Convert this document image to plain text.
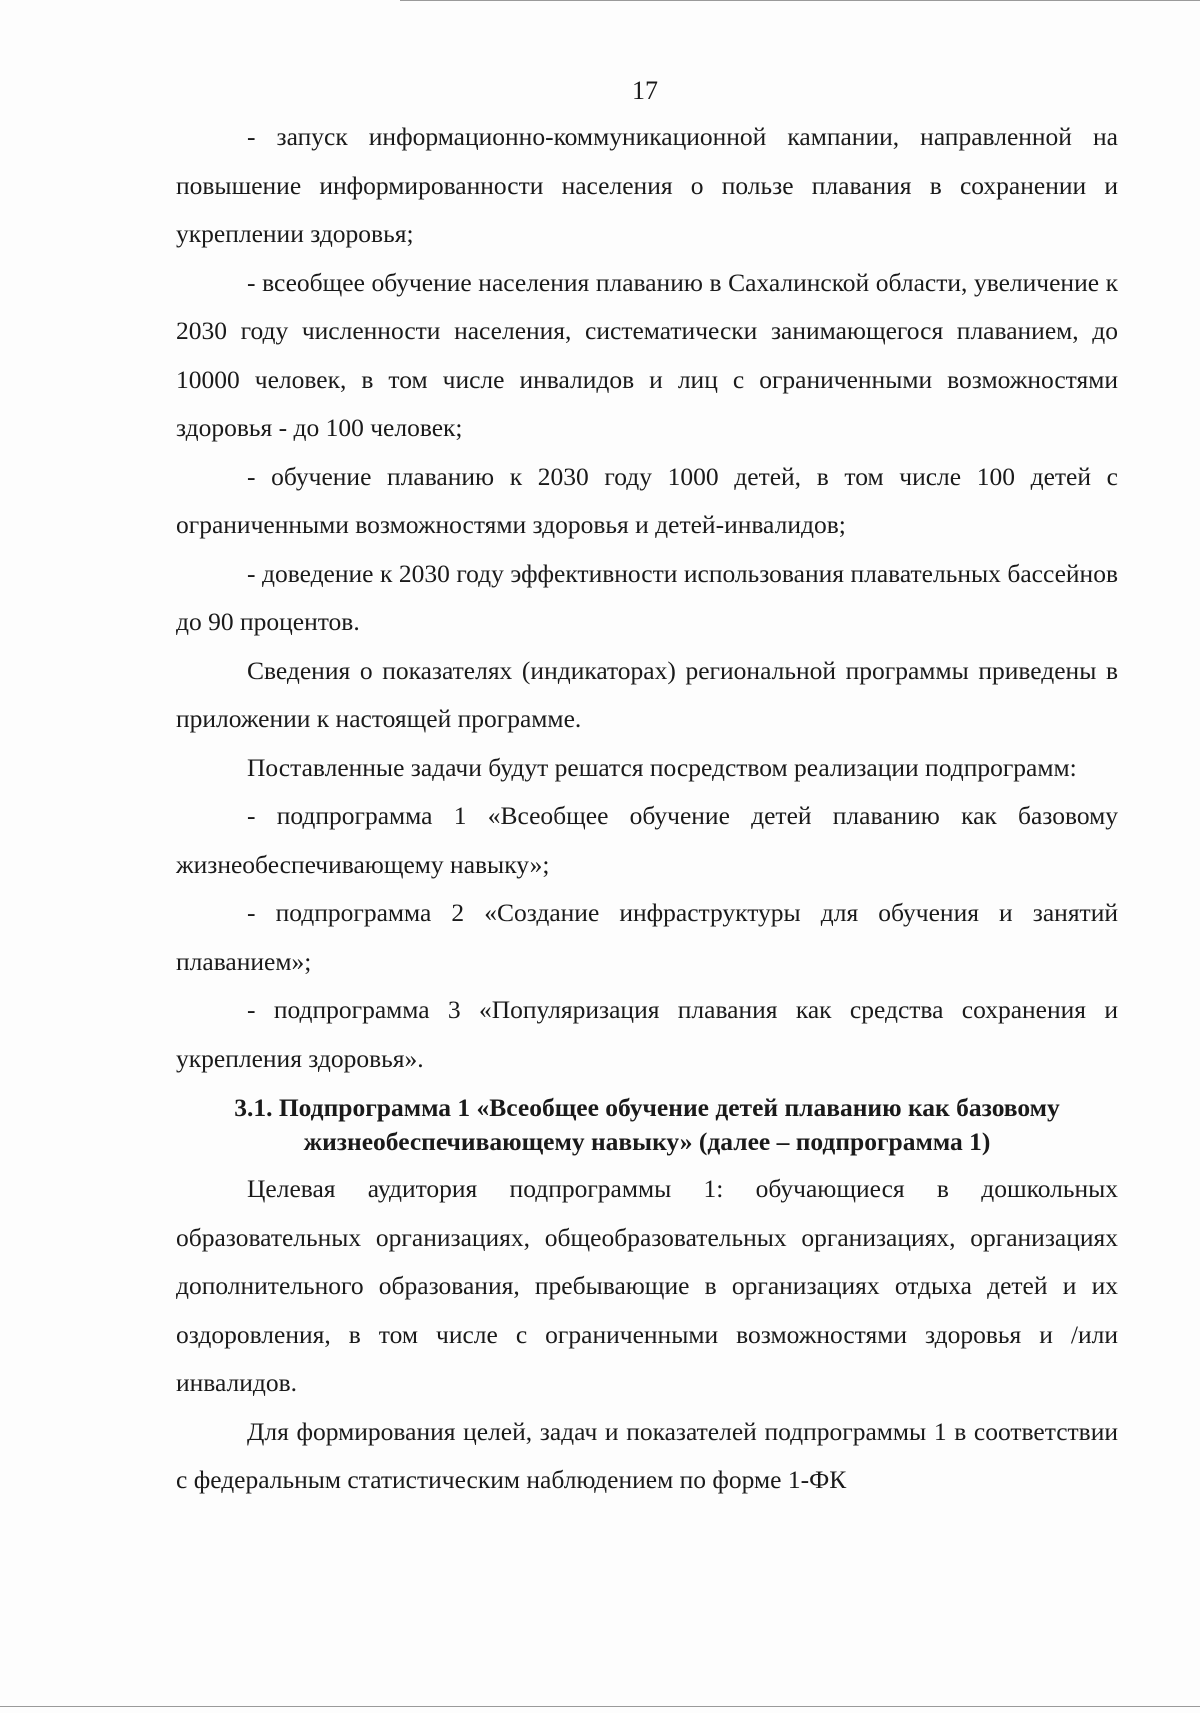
17

- запуск информационно-коммуникационной кампании, направленной на повышение информированности населения о пользе плавания в сохранении и укреплении здоровья;

- всеобщее обучение населения плаванию в Сахалинской области, увеличение к 2030 году численности населения, систематически занимающегося плаванием, до 10000 человек, в том числе инвалидов и лиц с ограниченными возможностями здоровья - до 100 человек;

- обучение плаванию к 2030 году 1000 детей, в том числе 100 детей с ограниченными возможностями здоровья и детей-инвалидов;

- доведение к 2030 году эффективности использования плавательных бассейнов до 90 процентов.

Сведения о показателях (индикаторах) региональной программы приведены в приложении к настоящей программе.

Поставленные задачи будут решатся посредством реализации подпрограмм:

- подпрограмма 1 «Всеобщее обучение детей плаванию как базовому жизнеобеспечивающему навыку»;

- подпрограмма 2 «Создание инфраструктуры для обучения и занятий плаванием»;

- подпрограмма 3 «Популяризация плавания как средства сохранения и укрепления здоровья».

3.1. Подпрограмма 1 «Всеобщее обучение детей плаванию как базовому
жизнеобеспечивающему навыку» (далее – подпрограмма 1)

Целевая аудитория подпрограммы 1: обучающиеся в дошкольных образовательных организациях, общеобразовательных организациях, организациях дополнительного образования, пребывающие в организациях отдыха детей и их оздоровления, в том числе с ограниченными возможностями здоровья и /или инвалидов.

Для формирования целей, задач и показателей подпрограммы 1 в соответствии с федеральным статистическим наблюдением по форме 1-ФК
